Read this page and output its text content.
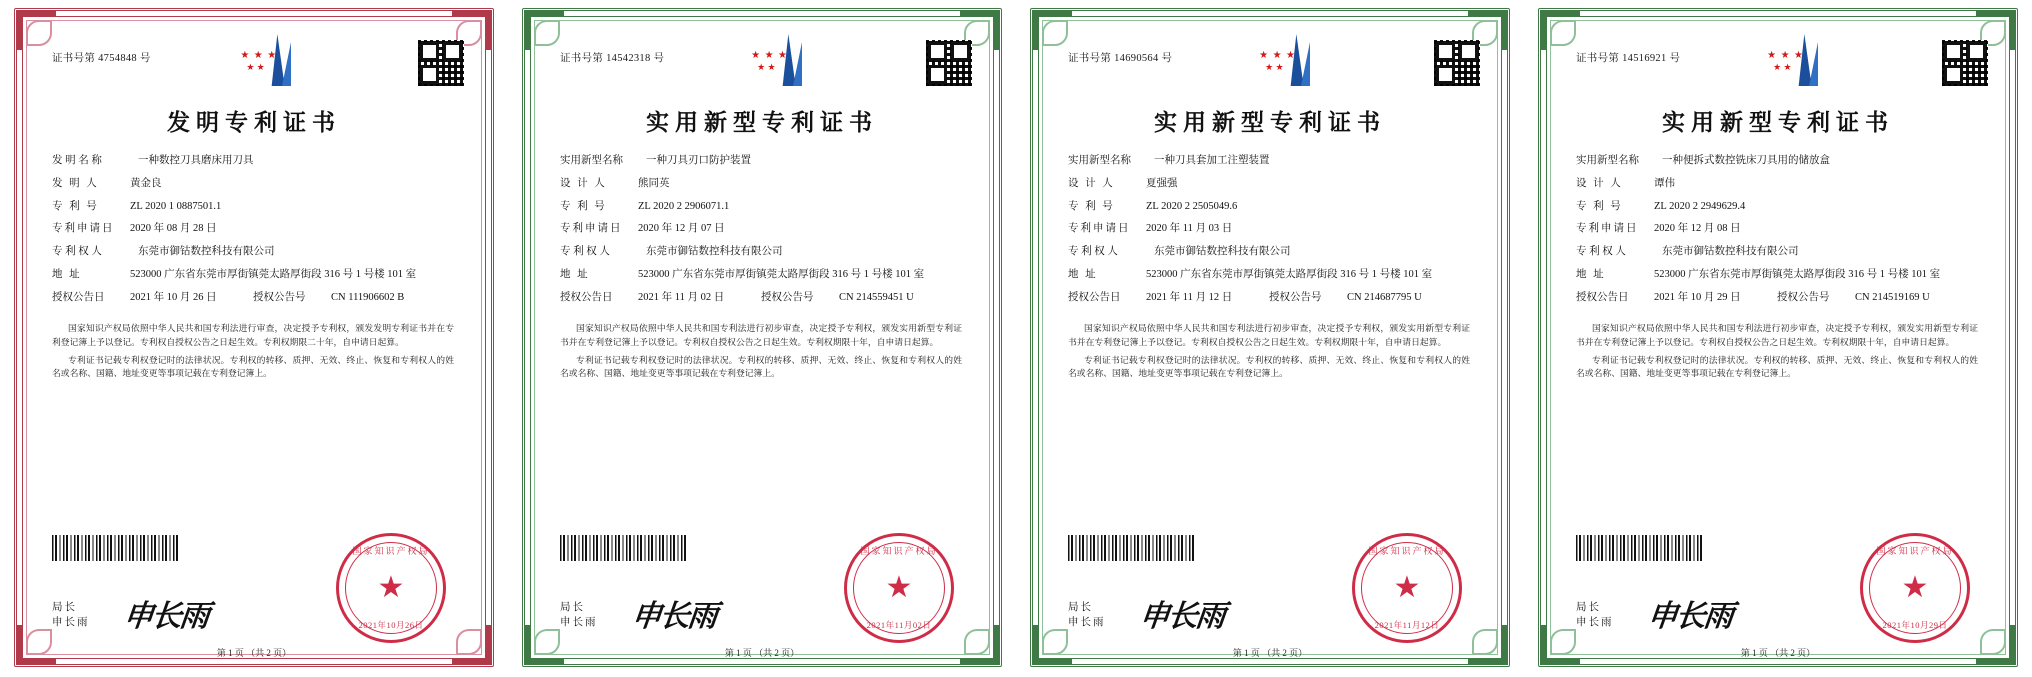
证书号第 4754848 号	★ ★ ★
★ ★
发明专利证书
发 明 名 称	一种数控刀具磨床用刀具
发 明 人	黄金良
专 利 号	ZL 2020 1 0887501.1
专利申请日	2020 年 08 月 28 日
专 利 权 人	东莞市御钴数控科技有限公司
地 址	523000 广东省东莞市厚街镇莞太路厚街段 316 号 1 号楼 101 室
授权公告日	2021 年 10 月 26 日	授权公告号	CN 111906602 B

国家知识产权局依照中华人民共和国专利法进行审查，决定授予专利权，颁发发明专利证书并在专利登记簿上予以登记。专利权自授权公告之日起生效。专利权期限二十年，自申请日起算。

专利证书记载专利权登记时的法律状况。专利权的转移、质押、无效、终止、恢复和专利权人的姓名或名称、国籍、地址变更等事项记载在专利登记簿上。

局长
申长雨 申长雨
国家知识产权局
★
2021年10月26日
第 1 页 （共 2 页）
证书号第 14542318 号	★ ★ ★
★ ★
实用新型专利证书
实用新型名称	一种刀具刃口防护装置
设 计 人	熊同英
专 利 号	ZL 2020 2 2906071.1
专利申请日	2020 年 12 月 07 日
专 利 权 人	东莞市御钴数控科技有限公司
地 址	523000 广东省东莞市厚街镇莞太路厚街段 316 号 1 号楼 101 室
授权公告日	2021 年 11 月 02 日	授权公告号	CN 214559451 U

国家知识产权局依照中华人民共和国专利法进行初步审查，决定授予专利权，颁发实用新型专利证书并在专利登记簿上予以登记。专利权自授权公告之日起生效。专利权期限十年，自申请日起算。

专利证书记载专利权登记时的法律状况。专利权的转移、质押、无效、终止、恢复和专利权人的姓名或名称、国籍、地址变更等事项记载在专利登记簿上。

局长
申长雨 申长雨
国家知识产权局
★
2021年11月02日
第 1 页 （共 2 页）
证书号第 14690564 号	★ ★ ★
★ ★
实用新型专利证书
实用新型名称	一种刀具套加工注塑装置
设 计 人	夏强强
专 利 号	ZL 2020 2 2505049.6
专利申请日	2020 年 11 月 03 日
专 利 权 人	东莞市御钴数控科技有限公司
地 址	523000 广东省东莞市厚街镇莞太路厚街段 316 号 1 号楼 101 室
授权公告日	2021 年 11 月 12 日	授权公告号	CN 214687795 U

国家知识产权局依照中华人民共和国专利法进行初步审查，决定授予专利权，颁发实用新型专利证书并在专利登记簿上予以登记。专利权自授权公告之日起生效。专利权期限十年，自申请日起算。

专利证书记载专利权登记时的法律状况。专利权的转移、质押、无效、终止、恢复和专利权人的姓名或名称、国籍、地址变更等事项记载在专利登记簿上。

局长
申长雨 申长雨
国家知识产权局
★
2021年11月12日
第 1 页 （共 2 页）
证书号第 14516921 号	★ ★ ★
★ ★
实用新型专利证书
实用新型名称	一种便拆式数控铣床刀具用的储放盒
设 计 人	谭伟
专 利 号	ZL 2020 2 2949629.4
专利申请日	2020 年 12 月 08 日
专 利 权 人	东莞市御钴数控科技有限公司
地 址	523000 广东省东莞市厚街镇莞太路厚街段 316 号 1 号楼 101 室
授权公告日	2021 年 10 月 29 日	授权公告号	CN 214519169 U

国家知识产权局依照中华人民共和国专利法进行初步审查，决定授予专利权，颁发实用新型专利证书并在专利登记簿上予以登记。专利权自授权公告之日起生效。专利权期限十年，自申请日起算。

专利证书记载专利权登记时的法律状况。专利权的转移、质押、无效、终止、恢复和专利权人的姓名或名称、国籍、地址变更等事项记载在专利登记簿上。

局长
申长雨 申长雨
国家知识产权局
★
2021年10月29日
第 1 页 （共 2 页）
